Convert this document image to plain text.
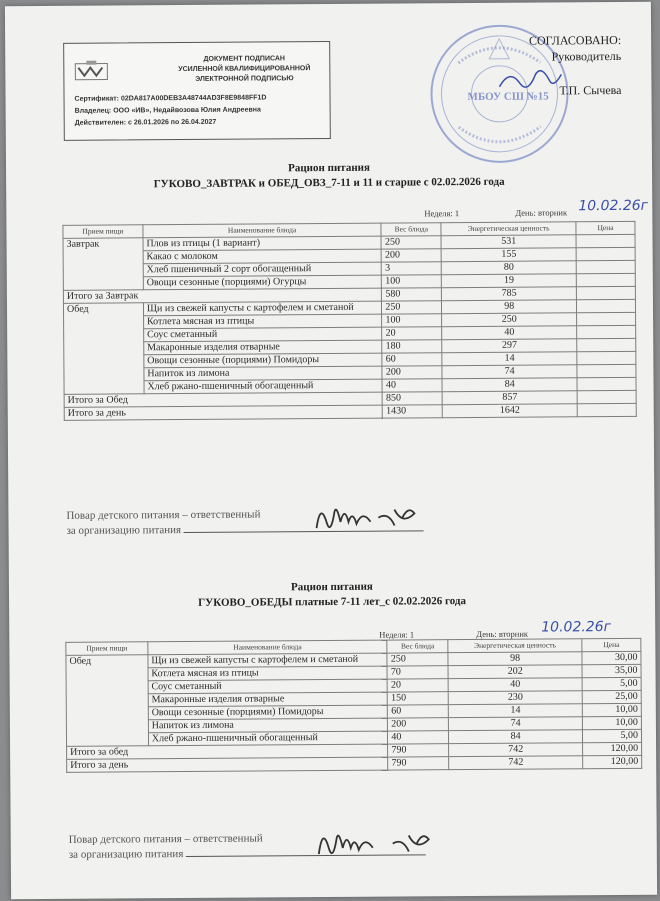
ДОКУМЕНТ ПОДПИСАН
УСИЛЕННОЙ КВАЛИФИЦИРОВАННОЙ
ЭЛЕКТРОННОЙ ПОДПИСЬЮ
Сертификат: 02DA817A00DEB3A48744AD3F8E9848FF1D
Владелец: ООО «ИВ», Недайвозова Юлия Андреевна
Действителен: с 26.01.2026 по 26.04.2027
МБОУ СШ №15
СОГЛАСОВАНО:
Руководитель
Т.П. Сычева
Рацион питания
ГУКОВО_ЗАВТРАК и ОБЕД_ОВЗ_7-11 и 11 и старше с 02.02.2026 года
Неделя: 1	День: вторник 10.02.26г
Прием пищи	Наименование блюда	Вес блюда	Энергетическая ценность	Цена
Завтрак	Плов из птицы (1 вариант)	250	531	
	Какао с молоком	200	155	
	Хлеб пшеничный 2 сорт обогащенный	3	80	
	Овощи сезонные (порциями) Огурцы	100	19	
Итого за Завтрак		580	785	
Обед	Щи из свежей капусты с картофелем и сметаной	250	98	
	Котлета мясная из птицы	100	250	
	Соус сметанный	20	40	
	Макаронные изделия отварные	180	297	
	Овощи сезонные (порциями) Помидоры	60	14	
	Напиток из лимона	200	74	
	Хлеб ржано-пшеничный обогащенный	40	84	
Итого за Обед		850	857	
Итого за день		1430	1642	
Повар детского питания – ответственный
за организацию питания
Рацион питания
ГУКОВО_ОБЕДЫ платные 7-11 лет_с 02.02.2026 года
Неделя: 1	День: вторник 10.02.26г
Прием пищи	Наименование блюда	Вес блюда	Энергетическая ценность	Цена
Обед	Щи из свежей капусты с картофелем и сметаной	250	98	30,00
	Котлета мясная из птицы	70	202	35,00
	Соус сметанный	20	40	5,00
	Макаронные изделия отварные	150	230	25,00
	Овощи сезонные (порциями) Помидоры	60	14	10,00
	Напиток из лимона	200	74	10,00
	Хлеб ржано-пшеничный обогащенный	40	84	5,00
Итого за обед		790	742	120,00
Итого за день		790	742	120,00
Повар детского питания – ответственный
за организацию питания
